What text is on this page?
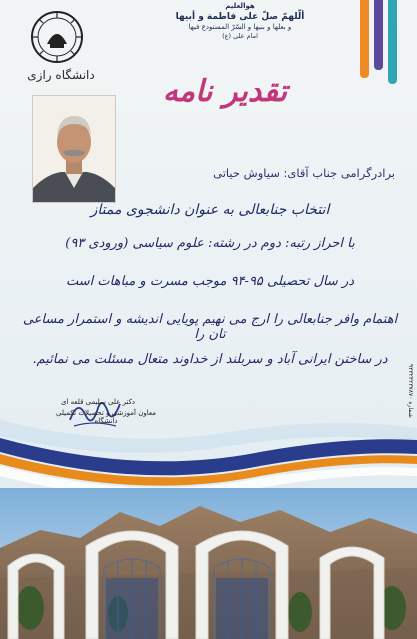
دانشگاه رازی
هوالعلیم
ألّلهمّ صلّ علی فاطمة و أبیها
و بعلها و بنیها و السّرّ المستودع فیها
امام علی (ع)
تقدیر نامه
برادرگرامی جناب آقای: سیاوش حیاتی
انتخاب جنابعالی به عنوان دانشجوی ممتاز
با احراز رتبه: دوم در رشته: علوم سیاسی (ورودی ۹۳)
در سال تحصیلی ۹۵-۹۴ موجب مسرت و مباهات است
اهتمام وافر جنابعالی را ارج می نهیم پویایی اندیشه و استمرار مساعی تان را
در ساختن ایرانی آباد و سربلند از خداوند متعال مسئلت می نمائیم.
شماره ۹۳۳۲۳۲۳۷۸۷۰
دکتر علی سلیمی قلعه ای
معاون آموزشی و تحصیلات تکمیلی دانشگاه
